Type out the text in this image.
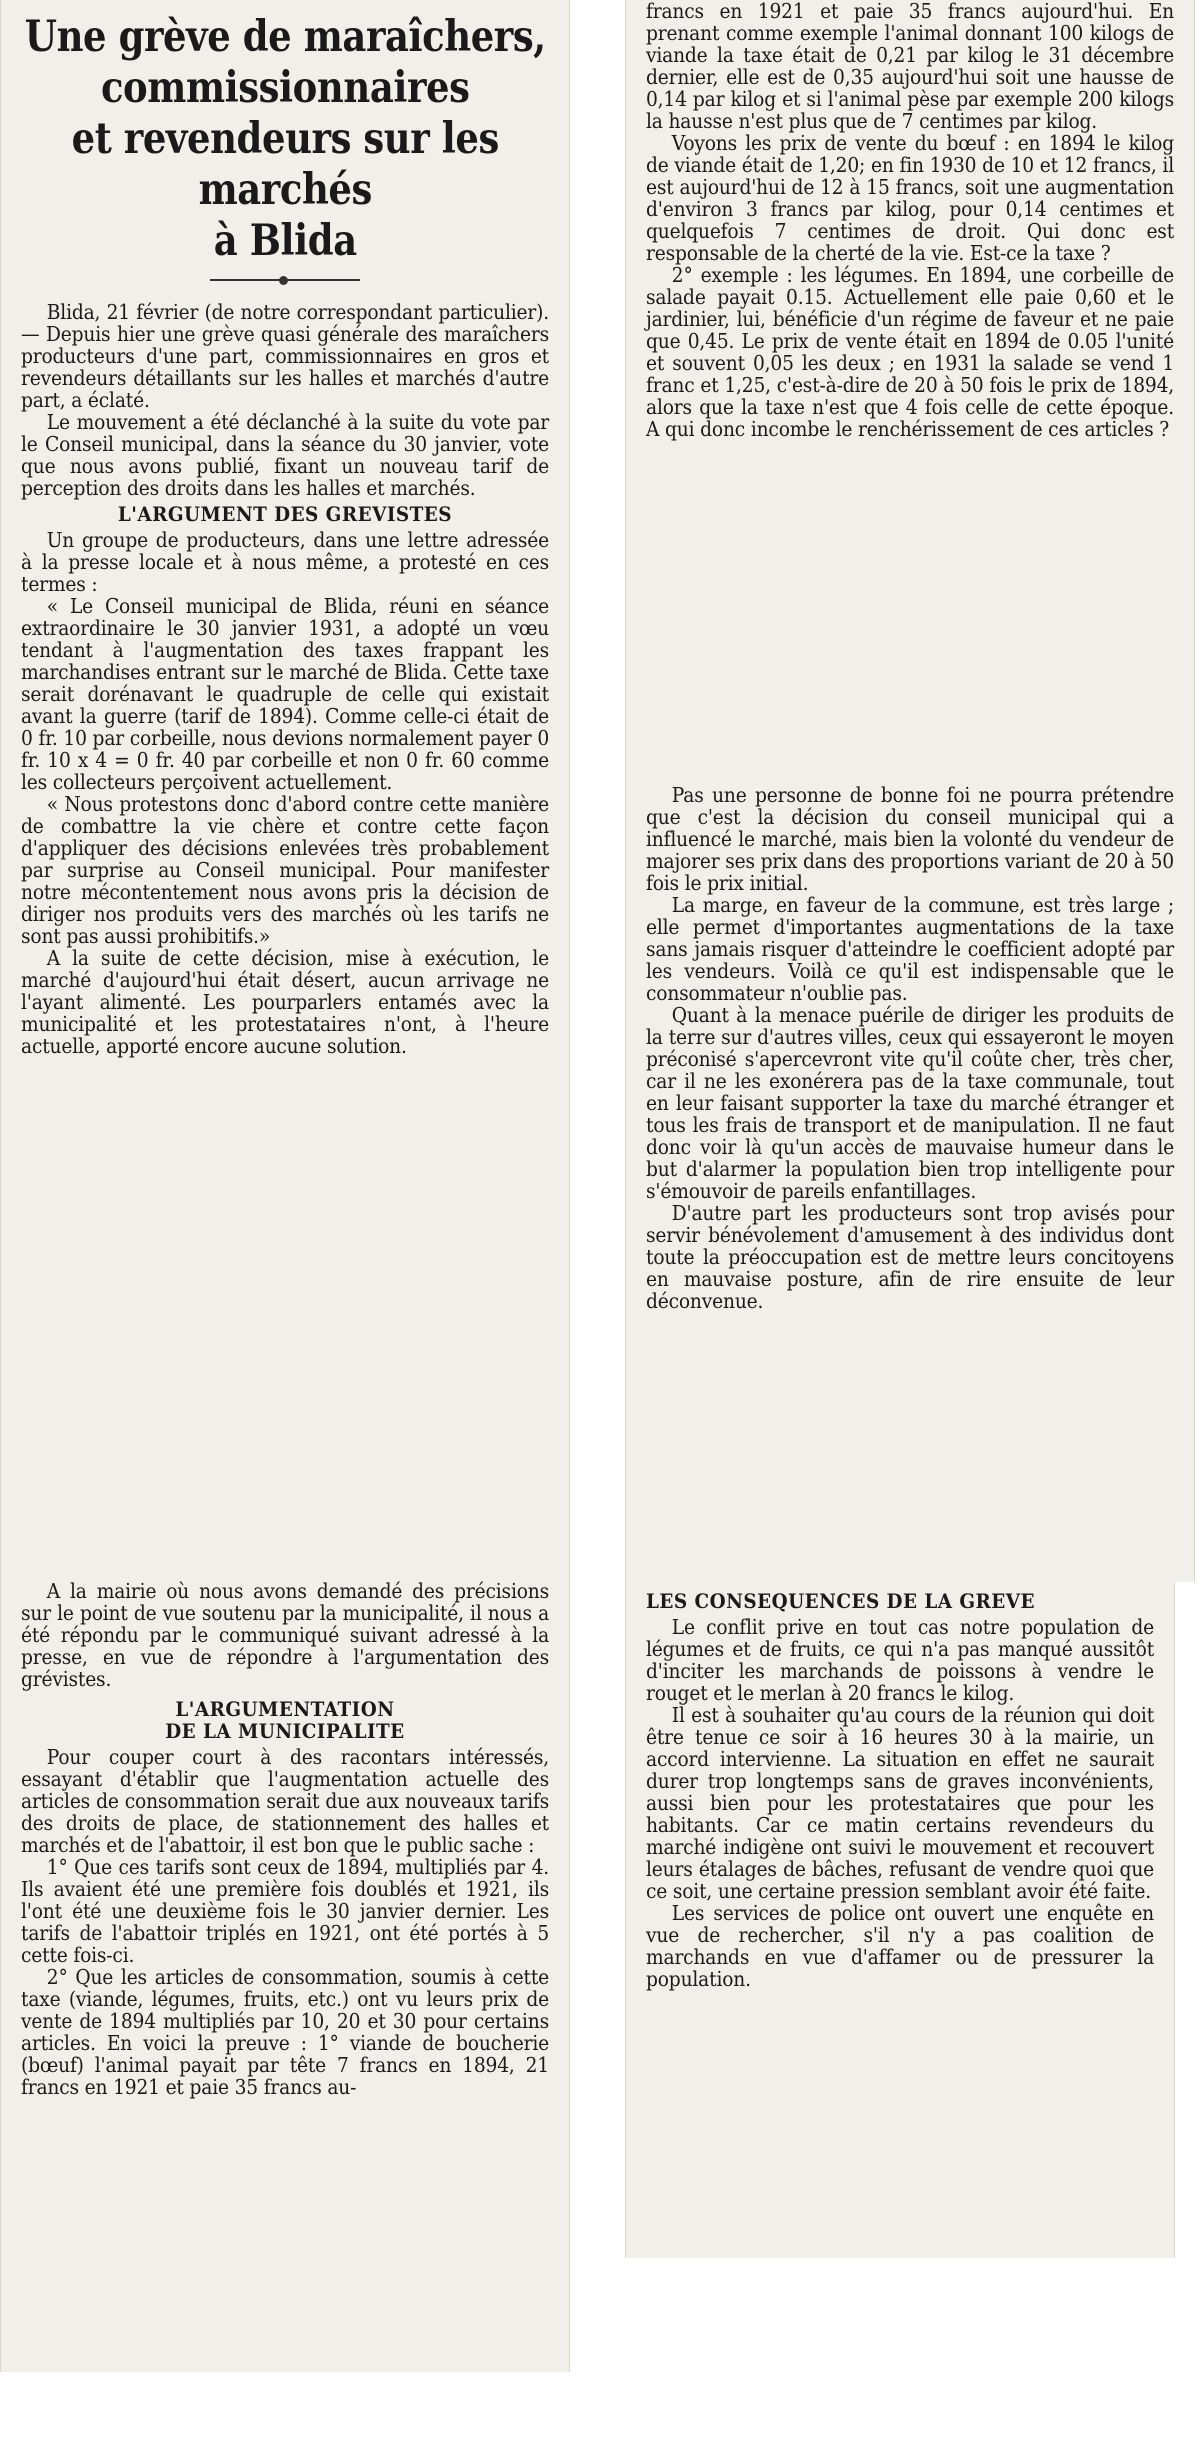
Une grève de maraîchers,

commissionnaires

et revendeurs sur les marchés

à Blida

Blida, 21 février (de notre correspondant particulier). — Depuis hier une grève quasi générale des maraîchers producteurs d'une part, commissionnaires en gros et revendeurs détaillants sur les halles et marchés d'autre part, a éclaté.

Le mouvement a été déclanché à la suite du vote par le Conseil municipal, dans la séance du 30 janvier, vote que nous avons publié, fixant un nouveau tarif de perception des droits dans les halles et marchés.

L'ARGUMENT DES GREVISTES

Un groupe de producteurs, dans une lettre adressée à la presse locale et à nous même, a protesté en ces termes :

« Le Conseil municipal de Blida, réuni en séance extraordinaire le 30 janvier 1931, a adopté un vœu tendant à l'augmentation des taxes frappant les marchandises entrant sur le marché de Blida. Cette taxe serait dorénavant le quadruple de celle qui existait avant la guerre (tarif de 1894). Comme celle-ci était de 0 fr. 10 par corbeille, nous devions normalement payer 0 fr. 10 x 4 = 0 fr. 40 par corbeille et non 0 fr. 60 comme les collecteurs perçoivent actuellement.

« Nous protestons donc d'abord contre cette manière de combattre la vie chère et contre cette façon d'appliquer des décisions enlevées très probablement par surprise au Conseil municipal. Pour manifester notre mécontentement nous avons pris la décision de diriger nos produits vers des marchés où les tarifs ne sont pas aussi prohibitifs.»

A la suite de cette décision, mise à exécution, le marché d'aujourd'hui était désert, aucun arrivage ne l'ayant alimenté. Les pourparlers entamés avec la municipalité et les protestataires n'ont, à l'heure actuelle, apporté encore aucune solution.

A la mairie où nous avons demandé des précisions sur le point de vue soutenu par la municipalité, il nous a été répondu par le communiqué suivant adressé à la presse, en vue de répondre à l'argumentation des grévistes.

L'ARGUMENTATION

DE LA MUNICIPALITE

Pour couper court à des racontars intéressés, essayant d'établir que l'augmentation actuelle des articles de consommation serait due aux nouveaux tarifs des droits de place, de stationnement des halles et marchés et de l'abattoir, il est bon que le public sache :

1° Que ces tarifs sont ceux de 1894, multipliés par 4. Ils avaient été une première fois doublés et 1921, ils l'ont été une deuxième fois le 30 janvier dernier. Les tarifs de l'abattoir triplés en 1921, ont été portés à 5 cette fois-ci.

2° Que les articles de consommation, soumis à cette taxe (viande, légumes, fruits, etc.) ont vu leurs prix de vente de 1894 multipliés par 10, 20 et 30 pour certains articles. En voici la preuve : 1° viande de boucherie (bœuf) l'animal payait par tête 7 francs en 1894, 21 francs en 1921 et paie 35 francs au-

francs en 1921 et paie 35 francs aujourd'hui. En prenant comme exemple l'animal donnant 100 kilogs de viande la taxe était de 0,21 par kilog le 31 décembre dernier, elle est de 0,35 aujourd'hui soit une hausse de 0,14 par kilog et si l'animal pèse par exemple 200 kilogs la hausse n'est plus que de 7 centimes par kilog.

Voyons les prix de vente du bœuf : en 1894 le kilog de viande était de 1,20; en fin 1930 de 10 et 12 francs, il est aujourd'hui de 12 à 15 francs, soit une augmentation d'environ 3 francs par kilog, pour 0,14 centimes et quelquefois 7 centimes de droit. Qui donc est responsable de la cherté de la vie. Est-ce la taxe ?

2° exemple : les légumes. En 1894, une corbeille de salade payait 0.15. Actuellement elle paie 0,60 et le jardinier, lui, bénéficie d'un régime de faveur et ne paie que 0,45. Le prix de vente était en 1894 de 0.05 l'unité et souvent 0,05 les deux ; en 1931 la salade se vend 1 franc et 1,25, c'est-à-dire de 20 à 50 fois le prix de 1894, alors que la taxe n'est que 4 fois celle de cette époque. A qui donc incombe le renchérissement de ces articles ?

Pas une personne de bonne foi ne pourra prétendre que c'est la décision du conseil municipal qui a influencé le marché, mais bien la volonté du vendeur de majorer ses prix dans des proportions variant de 20 à 50 fois le prix initial.

La marge, en faveur de la commune, est très large ; elle permet d'importantes augmentations de la taxe sans jamais risquer d'atteindre le coefficient adopté par les vendeurs. Voilà ce qu'il est indispensable que le consommateur n'oublie pas.

Quant à la menace puérile de diriger les produits de la terre sur d'autres villes, ceux qui essayeront le moyen préconisé s'apercevront vite qu'il coûte cher, très cher, car il ne les exonérera pas de la taxe communale, tout en leur faisant supporter la taxe du marché étranger et tous les frais de transport et de manipulation. Il ne faut donc voir là qu'un accès de mauvaise humeur dans le but d'alarmer la population bien trop intelligente pour s'émouvoir de pareils enfantillages.

D'autre part les producteurs sont trop avisés pour servir bénévolement d'amusement à des individus dont toute la préoccupation est de mettre leurs concitoyens en mauvaise posture, afin de rire ensuite de leur déconvenue.

LES CONSEQUENCES DE LA GREVE

Le conflit prive en tout cas notre population de légumes et de fruits, ce qui n'a pas manqué aussitôt d'inciter les marchands de poissons à vendre le rouget et le merlan à 20 francs le kilog.

Il est à souhaiter qu'au cours de la réunion qui doit être tenue ce soir à 16 heures 30 à la mairie, un accord intervienne. La situation en effet ne saurait durer trop longtemps sans de graves inconvénients, aussi bien pour les protestataires que pour les habitants. Car ce matin certains revendeurs du marché indigène ont suivi le mouvement et recouvert leurs étalages de bâches, refusant de vendre quoi que ce soit, une certaine pression semblant avoir été faite.

Les services de police ont ouvert une enquête en vue de rechercher, s'il n'y a pas coalition de marchands en vue d'affamer ou de pressurer la population.
